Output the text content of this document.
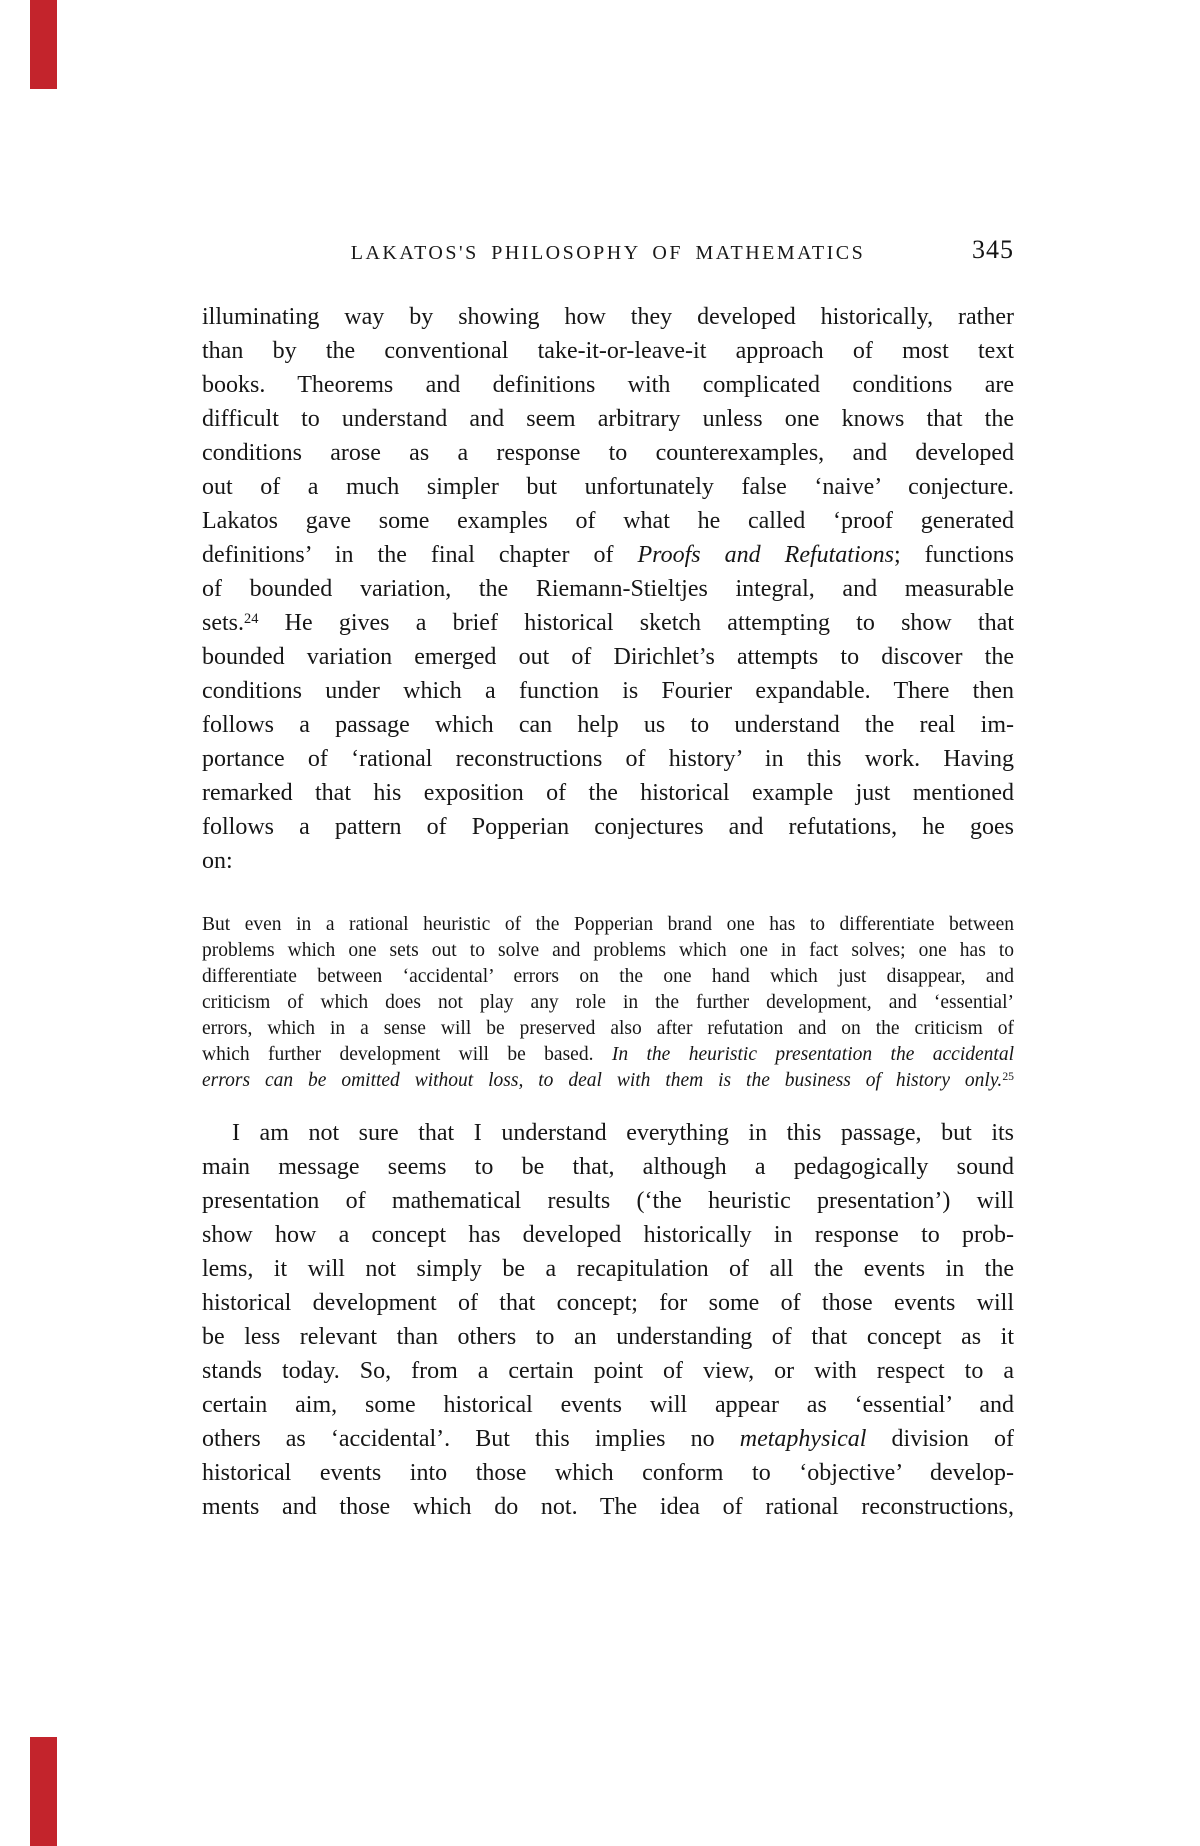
LAKATOS'S PHILOSOPHY OF MATHEMATICS	345
illuminating way by showing how they developed historically, rather
than by the conventional take-it-or-leave-it approach of most text
books. Theorems and definitions with complicated conditions are
difficult to understand and seem arbitrary unless one knows that the
conditions arose as a response to counterexamples, and developed
out of a much simpler but unfortunately false ‘naive’ conjecture.
Lakatos gave some examples of what he called ‘proof generated
definitions’ in the final chapter of Proofs and Refutations; functions
of bounded variation, the Riemann-Stieltjes integral, and measurable
sets.$^{24}$ He gives a brief historical sketch attempting to show that
bounded variation emerged out of Dirichlet’s attempts to discover the
conditions under which a function is Fourier expandable. There then
follows a passage which can help us to understand the real im-
portance of ‘rational reconstructions of history’ in this work. Having
remarked that his exposition of the historical example just mentioned
follows a pattern of Popperian conjectures and refutations, he goes
on:
But even in a rational heuristic of the Popperian brand one has to differentiate between
problems which one sets out to solve and problems which one in fact solves; one has to
differentiate between ‘accidental’ errors on the one hand which just disappear, and
criticism of which does not play any role in the further development, and ‘essential’
errors, which in a sense will be preserved also after refutation and on the criticism of
which further development will be based. In the heuristic presentation the accidental
errors can be omitted without loss, to deal with them is the business of history only.$^{25}$
I am not sure that I understand everything in this passage, but its
main message seems to be that, although a pedagogically sound
presentation of mathematical results (‘the heuristic presentation’) will
show how a concept has developed historically in response to prob-
lems, it will not simply be a recapitulation of all the events in the
historical development of that concept; for some of those events will
be less relevant than others to an understanding of that concept as it
stands today. So, from a certain point of view, or with respect to a
certain aim, some historical events will appear as ‘essential’ and
others as ‘accidental’. But this implies no metaphysical division of
historical events into those which conform to ‘objective’ develop-
ments and those which do not. The idea of rational reconstructions,
